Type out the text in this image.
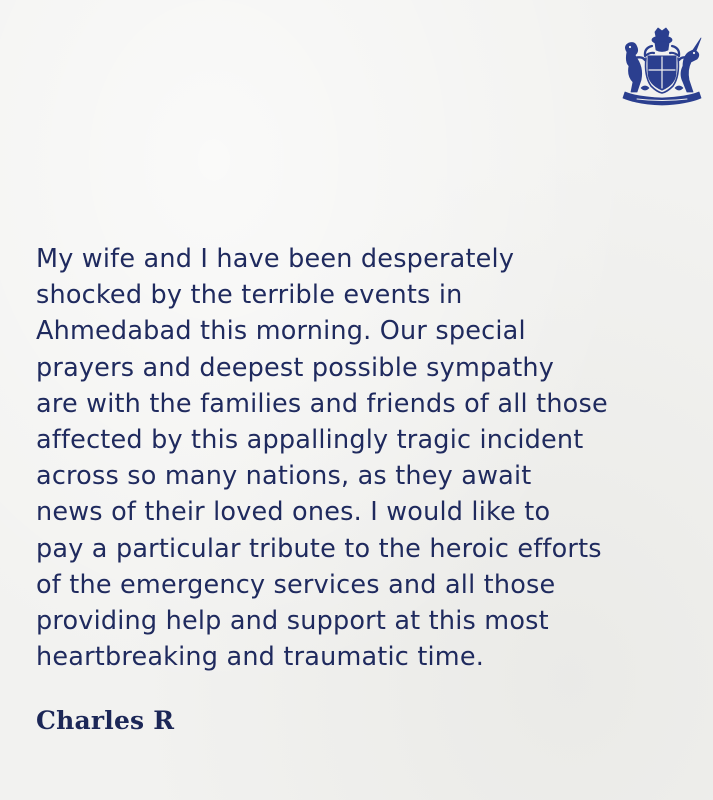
My wife and I have been desperately
shocked by the terrible events in
Ahmedabad this morning. Our special
prayers and deepest possible sympathy
are with the families and friends of all those
affected by this appallingly tragic incident
across so many nations, as they await
news of their loved ones. I would like to
pay a particular tribute to the heroic efforts
of the emergency services and all those
providing help and support at this most
heartbreaking and traumatic time.

Charles R
